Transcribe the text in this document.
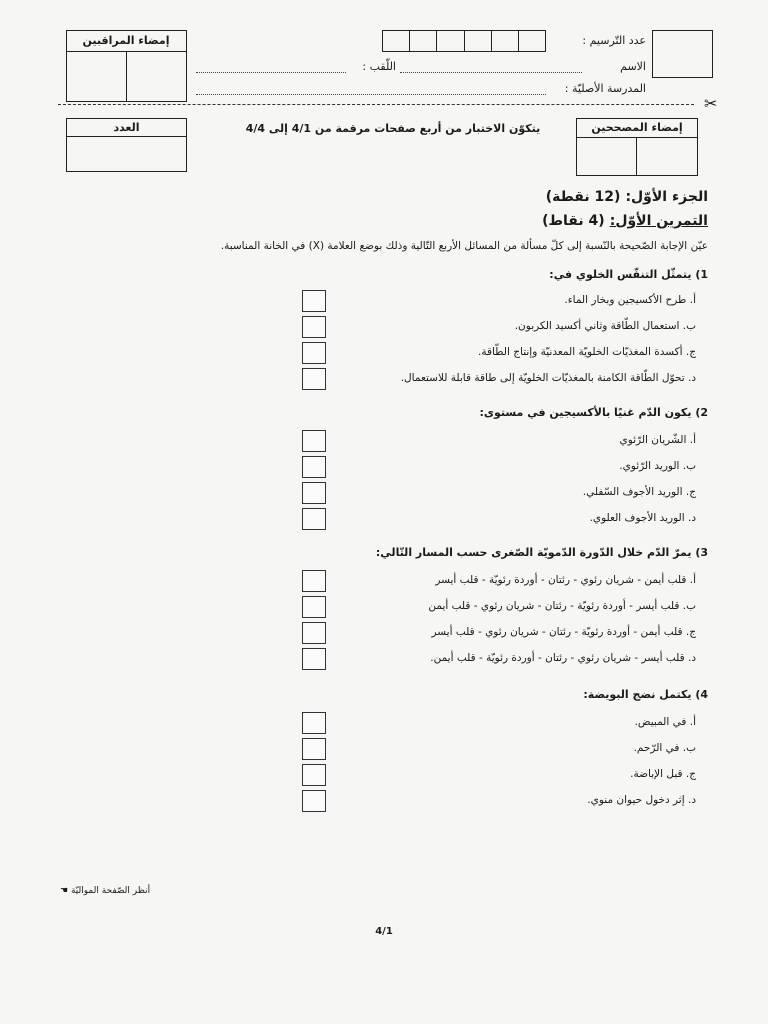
إمضاء المراقبين	عدد التّرسيم :
الاسم
اللّقب :
المدرسة الأصليّة :
✂
العدد	يتكوّن الاختبار من أربع صفحات مرقمة من 4/1 إلى 4/4	إمضاء المصححين
الجزء الأوّل: (12 نقطة)
التمرين الأوّل: (4 نقاط)
عيّن الإجابة الصّحيحة بالنّسبة إلى كلّ مسألة من المسائل الأربع التّالية وذلك بوضع العلامة (X) في الخانة المناسبة.
1) يتمثّل التنفّس الخلوي في:
أ. طرح الأكسيجين وبخار الماء.
ب. استعمال الطّاقة وثاني أكسيد الكربون.
ج. أكسدة المغذيّات الخلويّة المعدنيّة وإنتاج الطّاقة.
د. تحوّل الطّاقة الكامنة بالمغذيّات الخلويّة إلى طاقة قابلة للاستعمال.
2) يكون الدّم غنيًا بالأكسيجين في مستوى:
أ. الشّريان الرّئوي
ب. الوريد الرّئوي.
ج. الوريد الأجوف السّفلي.
د. الوريد الأجوف العلوي.
3) يمرّ الدّم خلال الدّورة الدّمويّة الصّغرى حسب المسار التّالي:
أ. قلب أيمن - شريان رئوي - رئتان - أوردة رئويّة - قلب أيسر
ب. قلب أيسر - أوردة رئويّة - رئتان - شريان رئوي - قلب أيمن
ج. قلب أيمن - أوردة رئويّة - رئتان - شريان رئوي - قلب أيسر
د. قلب أيسر - شريان رئوي - رئتان - أوردة رئويّة - قلب أيمن.
4) يكتمل نضج البويضة:
أ. في المبيض.
ب. في الرّحم.
ج. قبل الإباضة.
د. إثر دخول حيوان منوي.
أنظر الصّفحة المواليّة ☚
4/1
